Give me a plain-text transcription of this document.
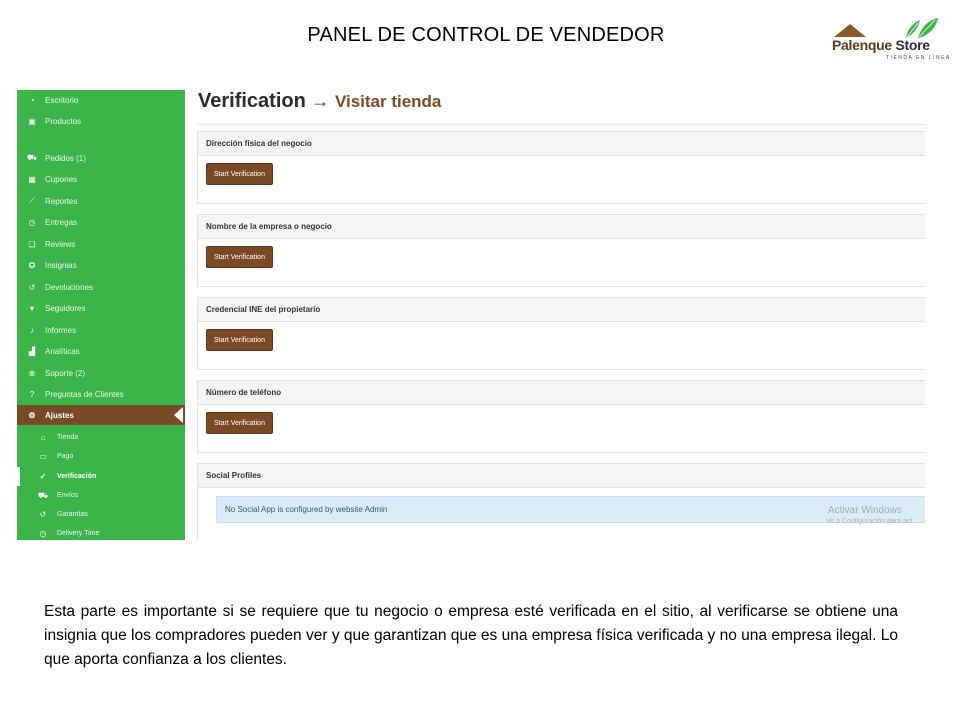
PANEL DE CONTROL DE VENDEDOR	Palenque Store
TIENDA EN LINEA
◔	Escritorio
▣ Productos
⛟ Pedidos (1)
▦ Cupones
⟋ Reportes
◷ Entregas
❏ Reviews
✪ Insignias
↺ Devoluciones
♥	Seguidores
♪	Informes
▟ Analíticas
⊗ Soporte (2)
?	Preguntas de Clientes
⚙ Ajustes
⌂	Tienda
▭	Pago
✓	Verificación
⛟ Envíos
↺	Garantías
◷	Delivery Time
Verification → Visitar tienda
Dirección física del negocio
Start Verification
Nombre de la empresa o negocio
Start Verification
Credencial INE del propietario
Start Verification
Número de teléfono
Start Verification
Social Profiles
No Social App is configured by website Admin	Activar Windows
Ve a Configuración para act
Esta parte es importante si se requiere que tu negocio o empresa esté verificada en el sitio, al verificarse se obtiene una insignia que los compradores pueden ver y que garantizan que es una empresa física verificada y no una empresa ilegal. Lo que aporta confianza a los clientes.
